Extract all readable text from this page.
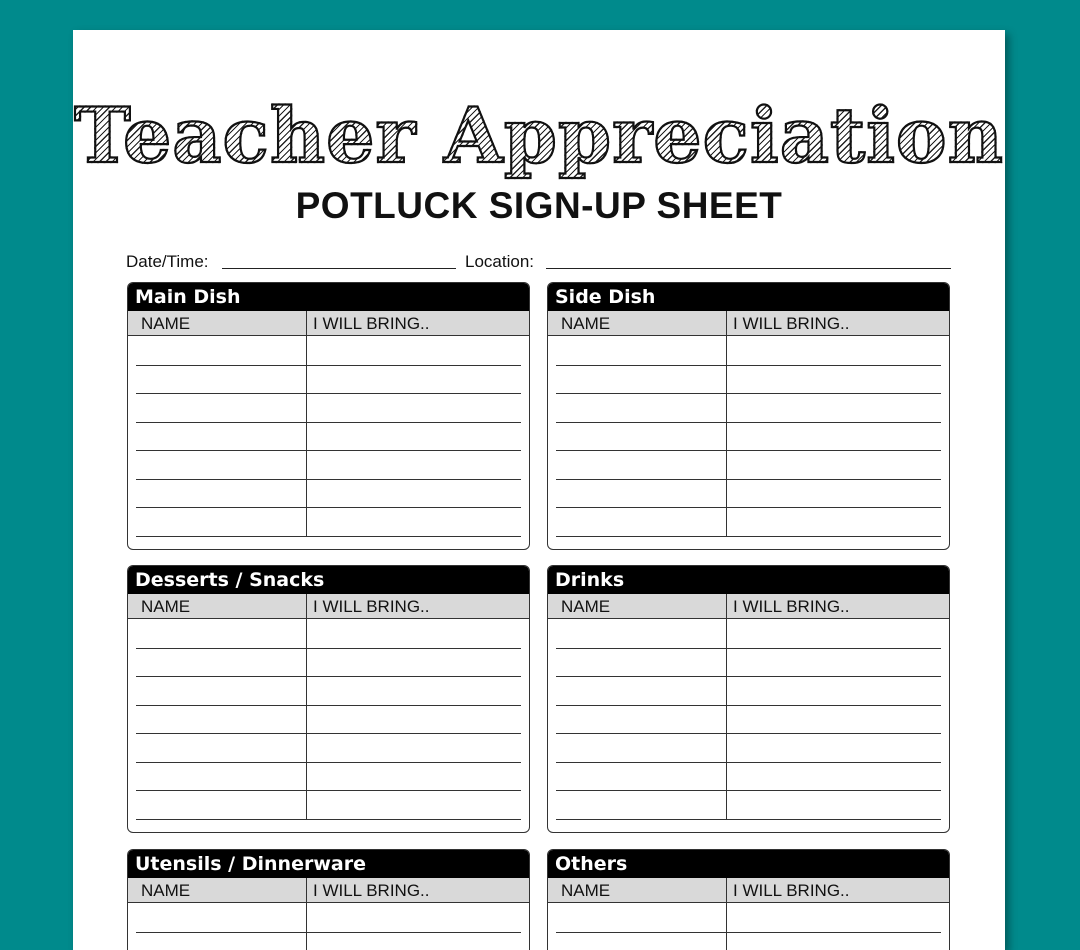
Teacher Appreciation
POTLUCK SIGN-UP SHEET
Date/Time:	Location:
Main Dish
NAME	I WILL BRING..
Side Dish
NAME	I WILL BRING..
Desserts / Snacks
NAME	I WILL BRING..
Drinks
NAME	I WILL BRING..
Utensils / Dinnerware
NAME	I WILL BRING..
Others
NAME	I WILL BRING..
